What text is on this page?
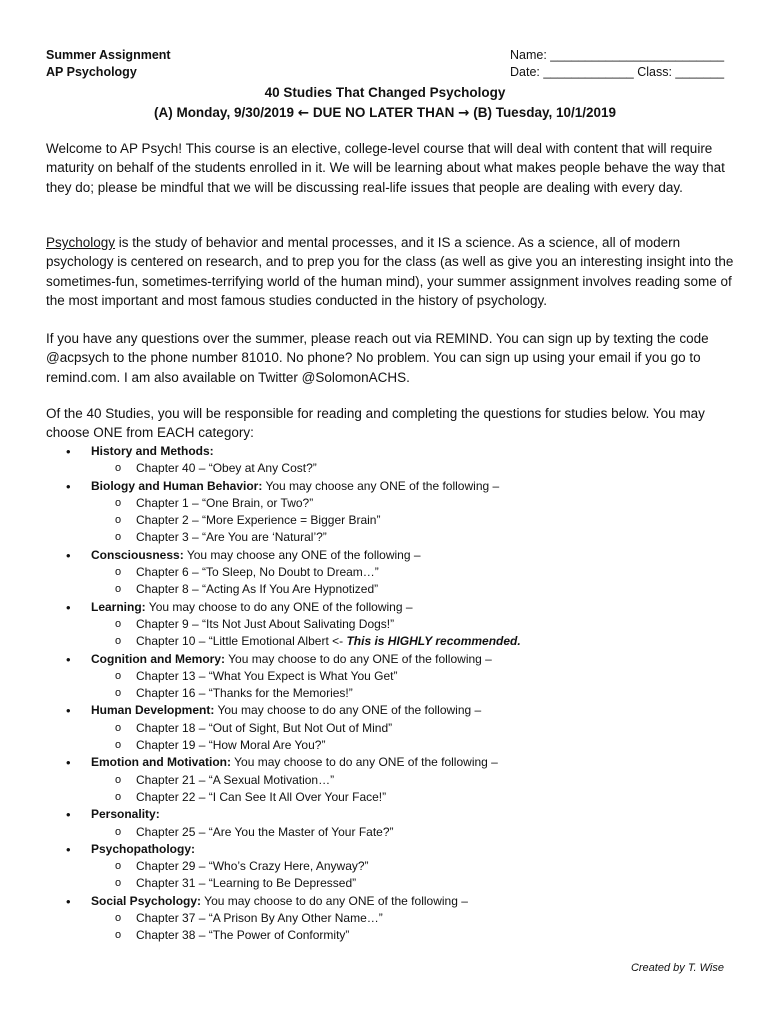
Summer Assignment
AP Psychology
Name: _________________________
Date: _____________ Class: _______
40 Studies That Changed Psychology
(A) Monday, 9/30/2019 ← DUE NO LATER THAN → (B) Tuesday, 10/1/2019
Welcome to AP Psych! This course is an elective, college-level course that will deal with content that will require maturity on behalf of the students enrolled in it. We will be learning about what makes people behave the way that they do; please be mindful that we will be discussing real-life issues that people are dealing with every day.
Psychology is the study of behavior and mental processes, and it IS a science. As a science, all of modern psychology is centered on research, and to prep you for the class (as well as give you an interesting insight into the sometimes-fun, sometimes-terrifying world of the human mind), your summer assignment involves reading some of the most important and most famous studies conducted in the history of psychology.
If you have any questions over the summer, please reach out via REMIND. You can sign up by texting the code @acpsych to the phone number 81010. No phone? No problem. You can sign up using your email if you go to remind.com. I am also available on Twitter @SolomonACHS.
Of the 40 Studies, you will be responsible for reading and completing the questions for studies below. You may choose ONE from EACH category:
• History and Methods:
o Chapter 40 – “Obey at Any Cost?”
• Biology and Human Behavior: You may choose any ONE of the following –
o Chapter 1 – “One Brain, or Two?”
o Chapter 2 – “More Experience = Bigger Brain”
o Chapter 3 – “Are You are ‘Natural’?”
• Consciousness: You may choose any ONE of the following –
o Chapter 6 – “To Sleep, No Doubt to Dream…”
o Chapter 8 – “Acting As If You Are Hypnotized”
• Learning: You may choose to do any ONE of the following –
o Chapter 9 – “Its Not Just About Salivating Dogs!”
o Chapter 10 – “Little Emotional Albert <- This is HIGHLY recommended.
• Cognition and Memory: You may choose to do any ONE of the following –
o Chapter 13 – “What You Expect is What You Get”
o Chapter 16 – “Thanks for the Memories!”
• Human Development: You may choose to do any ONE of the following –
o Chapter 18 – “Out of Sight, But Not Out of Mind”
o Chapter 19 – “How Moral Are You?”
• Emotion and Motivation: You may choose to do any ONE of the following –
o Chapter 21 – “A Sexual Motivation…”
o Chapter 22 – “I Can See It All Over Your Face!”
• Personality:
o Chapter 25 – “Are You the Master of Your Fate?”
• Psychopathology:
o Chapter 29 – “Who’s Crazy Here, Anyway?”
o Chapter 31 – “Learning to Be Depressed”
• Social Psychology: You may choose to do any ONE of the following –
o Chapter 37 – “A Prison By Any Other Name…”
o Chapter 38 – “The Power of Conformity”
Created by T. Wise
